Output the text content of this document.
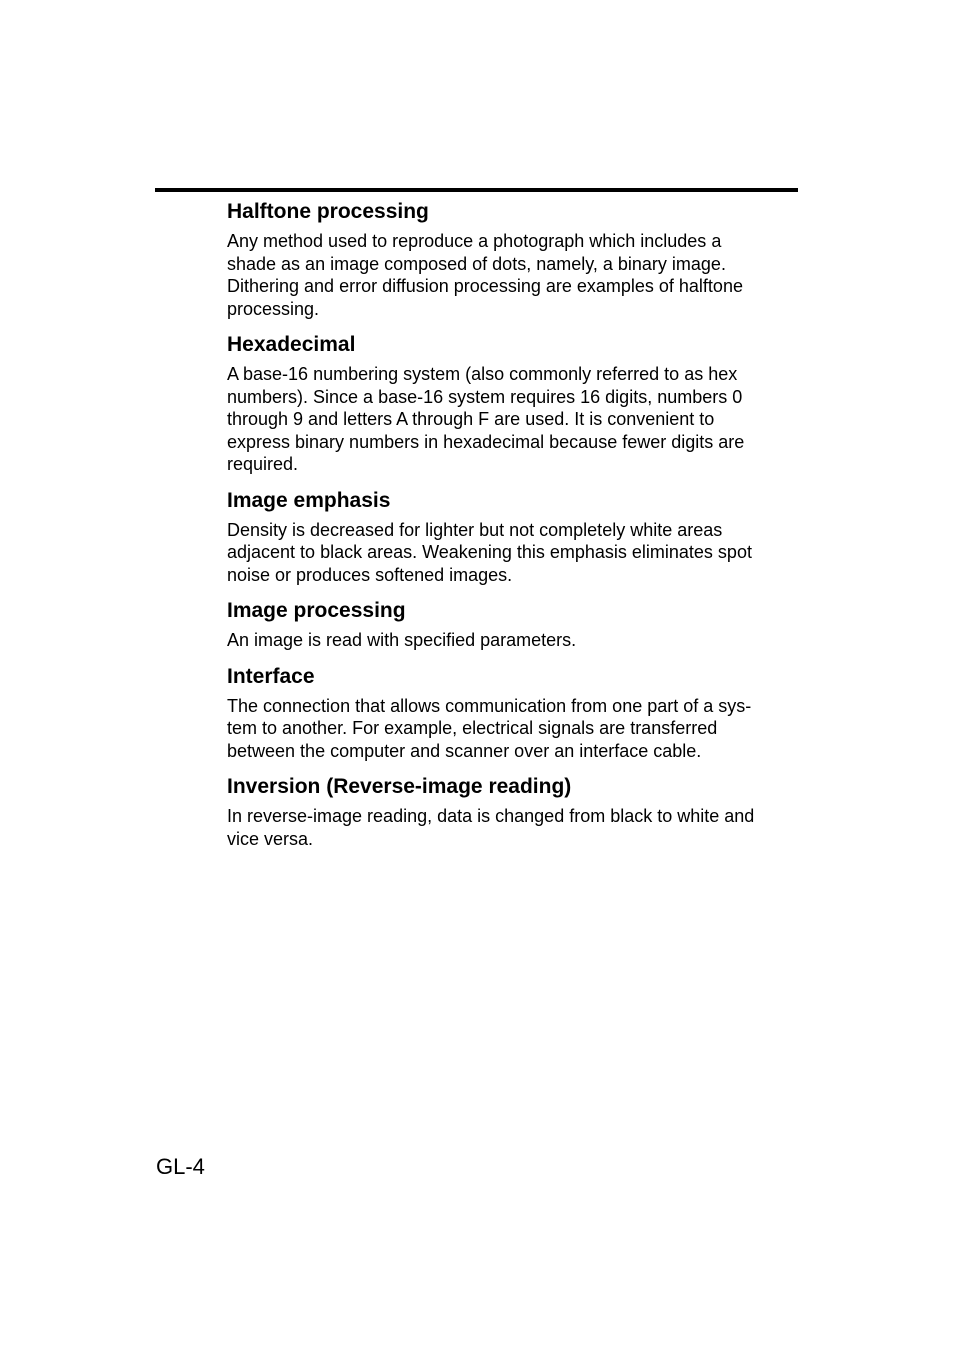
Halftone processing

Any method used to reproduce a photograph which includes a
shade as an image composed of dots, namely, a binary image.
Dithering and error diffusion processing are examples of halftone
processing.

Hexadecimal

A base-16 numbering system (also commonly referred to as hex
numbers). Since a base-16 system requires 16 digits, numbers 0
through 9 and letters A through F are used. It is convenient to
express binary numbers in hexadecimal because fewer digits are
required.

Image emphasis

Density is decreased for lighter but not completely white areas
adjacent to black areas. Weakening this emphasis eliminates spot
noise or produces softened images.

Image processing

An image is read with specified parameters.

Interface

The connection that allows communication from one part of a sys-
tem to another. For example, electrical signals are transferred
between the computer and scanner over an interface cable.

Inversion (Reverse-image reading)

In reverse-image reading, data is changed from black to white and
vice versa.

GL-4
